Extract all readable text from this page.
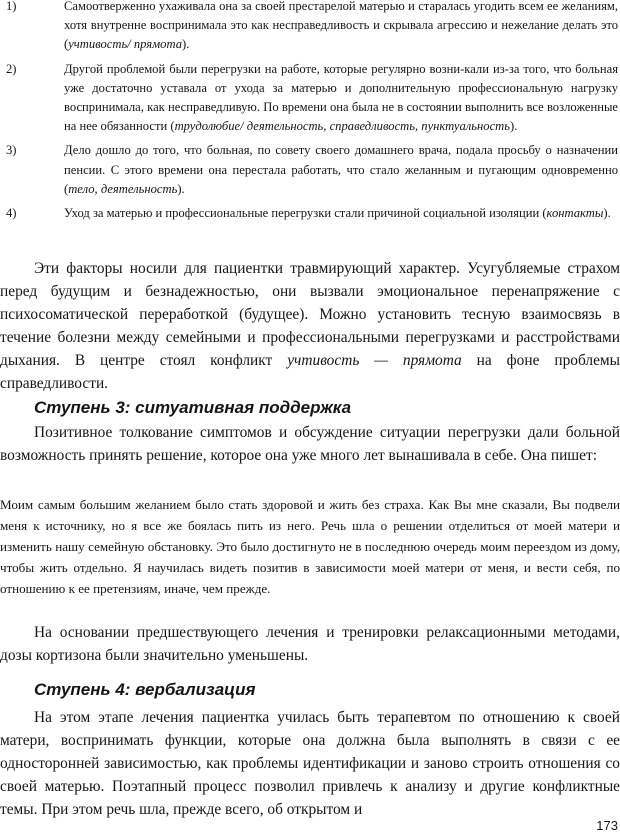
1)	Самоотверженно ухаживала она за своей престарелой матерью и старалась угодить всем ее желаниям, хотя внутренне воспринимала это как несправедливость и скрывала агрессию и нежелание делать это (учтивость/ прямота).
2)	Другой проблемой были перегрузки на работе, которые регулярно возни-кали из-за того, что больная уже достаточно уставала от ухода за матерью и дополнительную профессиональную нагрузку воспринимала, как несправедливую. По времени она была не в состоянии выполнить все возложенные на нее обязанности (трудолюбие/ деятельность, справедливость, пунктуальность).
3)	Дело дошло до того, что больная, по совету своего домашнего врача, подала просьбу о назначении пенсии. С этого времени она перестала работать, что стало желанным и пугающим одновременно (тело, деятельность).
4)	Уход за матерью и профессиональные перегрузки стали причиной социальной изоляции (контакты).

Эти факторы носили для пациентки травмирующий характер. Усугубляемые страхом перед будущим и безнадежностью, они вызвали эмоциональное перенапряжение с психосоматической переработкой (будущее). Можно установить тесную взаимосвязь в течение болезни между семейными и профессиональными перегрузками и расстройствами дыхания. В центре стоял конфликт учтивость — прямота на фоне проблемы справедливости.

Ступень 3: ситуативная поддержка

Позитивное толкование симптомов и обсуждение ситуации перегрузки дали больной возможность принять решение, которое она уже много лет вынашивала в себе. Она пишет:

Моим самым большим желанием было стать здоровой и жить без страха. Как Вы мне сказали, Вы подвели меня к источнику, но я все же боялась пить из него. Речь шла о решении отделиться от моей матери и изменить нашу семейную обстановку. Это было достигнуто не в последнюю очередь моим переездом из дому, чтобы жить отдельно. Я научилась видеть позитив в зависимости моей матери от меня, и вести себя, по отношению к ее претензиям, иначе, чем прежде.

На основании предшествующего лечения и тренировки релаксационными методами, дозы кортизона были значительно уменьшены.

Ступень 4: вербализация

На этом этапе лечения пациентка училась быть терапевтом по отношению к своей матери, воспринимать функции, которые она должна была выполнять в связи с ее односторонней зависимостью, как проблемы идентификации и заново строить отношения со своей матерью. Поэтапный процесс позволил привлечь к анализу и другие конфликтные темы. При этом речь шла, прежде всего, об открытом и

173
